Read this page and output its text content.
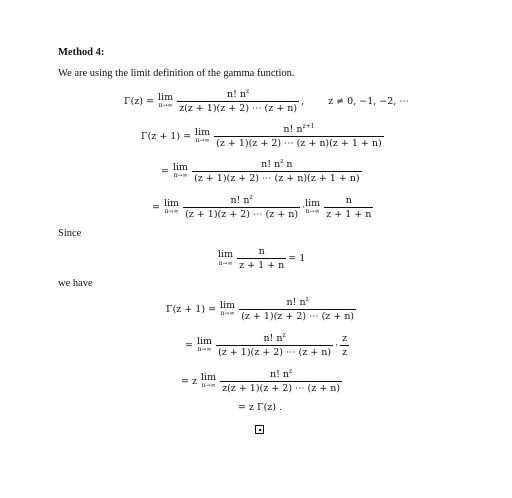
Method 4:
We are using the limit definition of the gamma function.
Γ(z) = lim
$n\to\infty \frac{n! n^z}{z(z + 1)(z + 2) \cdots (z + n)}$ ,	z ≠ 0, −1, −2, ⋯
Γ(z + 1) = lim
$n\to\infty \frac{n! n^{z+1}}{(z + 1)(z + 2) \cdots (z + n)(z + 1 + n)}$
= lim
$n\to\infty \frac{n! n^z n}{(z + 1)(z + 2) \cdots (z + n)(z + 1 + n)}$
= lim
$n\to\infty \frac{n! n^z}{(z + 1)(z + 2) \cdots (z + n)} \cdot \lim$
$n\to\infty \frac{n}{z + 1 + n}$
Since
lim
$n\to\infty \frac{n}{z + 1 + n} = 1$
we have
Γ(z + 1) = lim
$n\to\infty \frac{n! n^z}{(z + 1)(z + 2) \cdots (z + n)}$
= lim
$n\to\infty \frac{n! n^z}{(z + 1)(z + 2) \cdots (z + n)} \cdot \frac{z}{z}$
= z lim
$n\to\infty \frac{n! n^z}{z(z + 1)(z + 2) \cdots (z + n)}$
= z Γ(z) .
